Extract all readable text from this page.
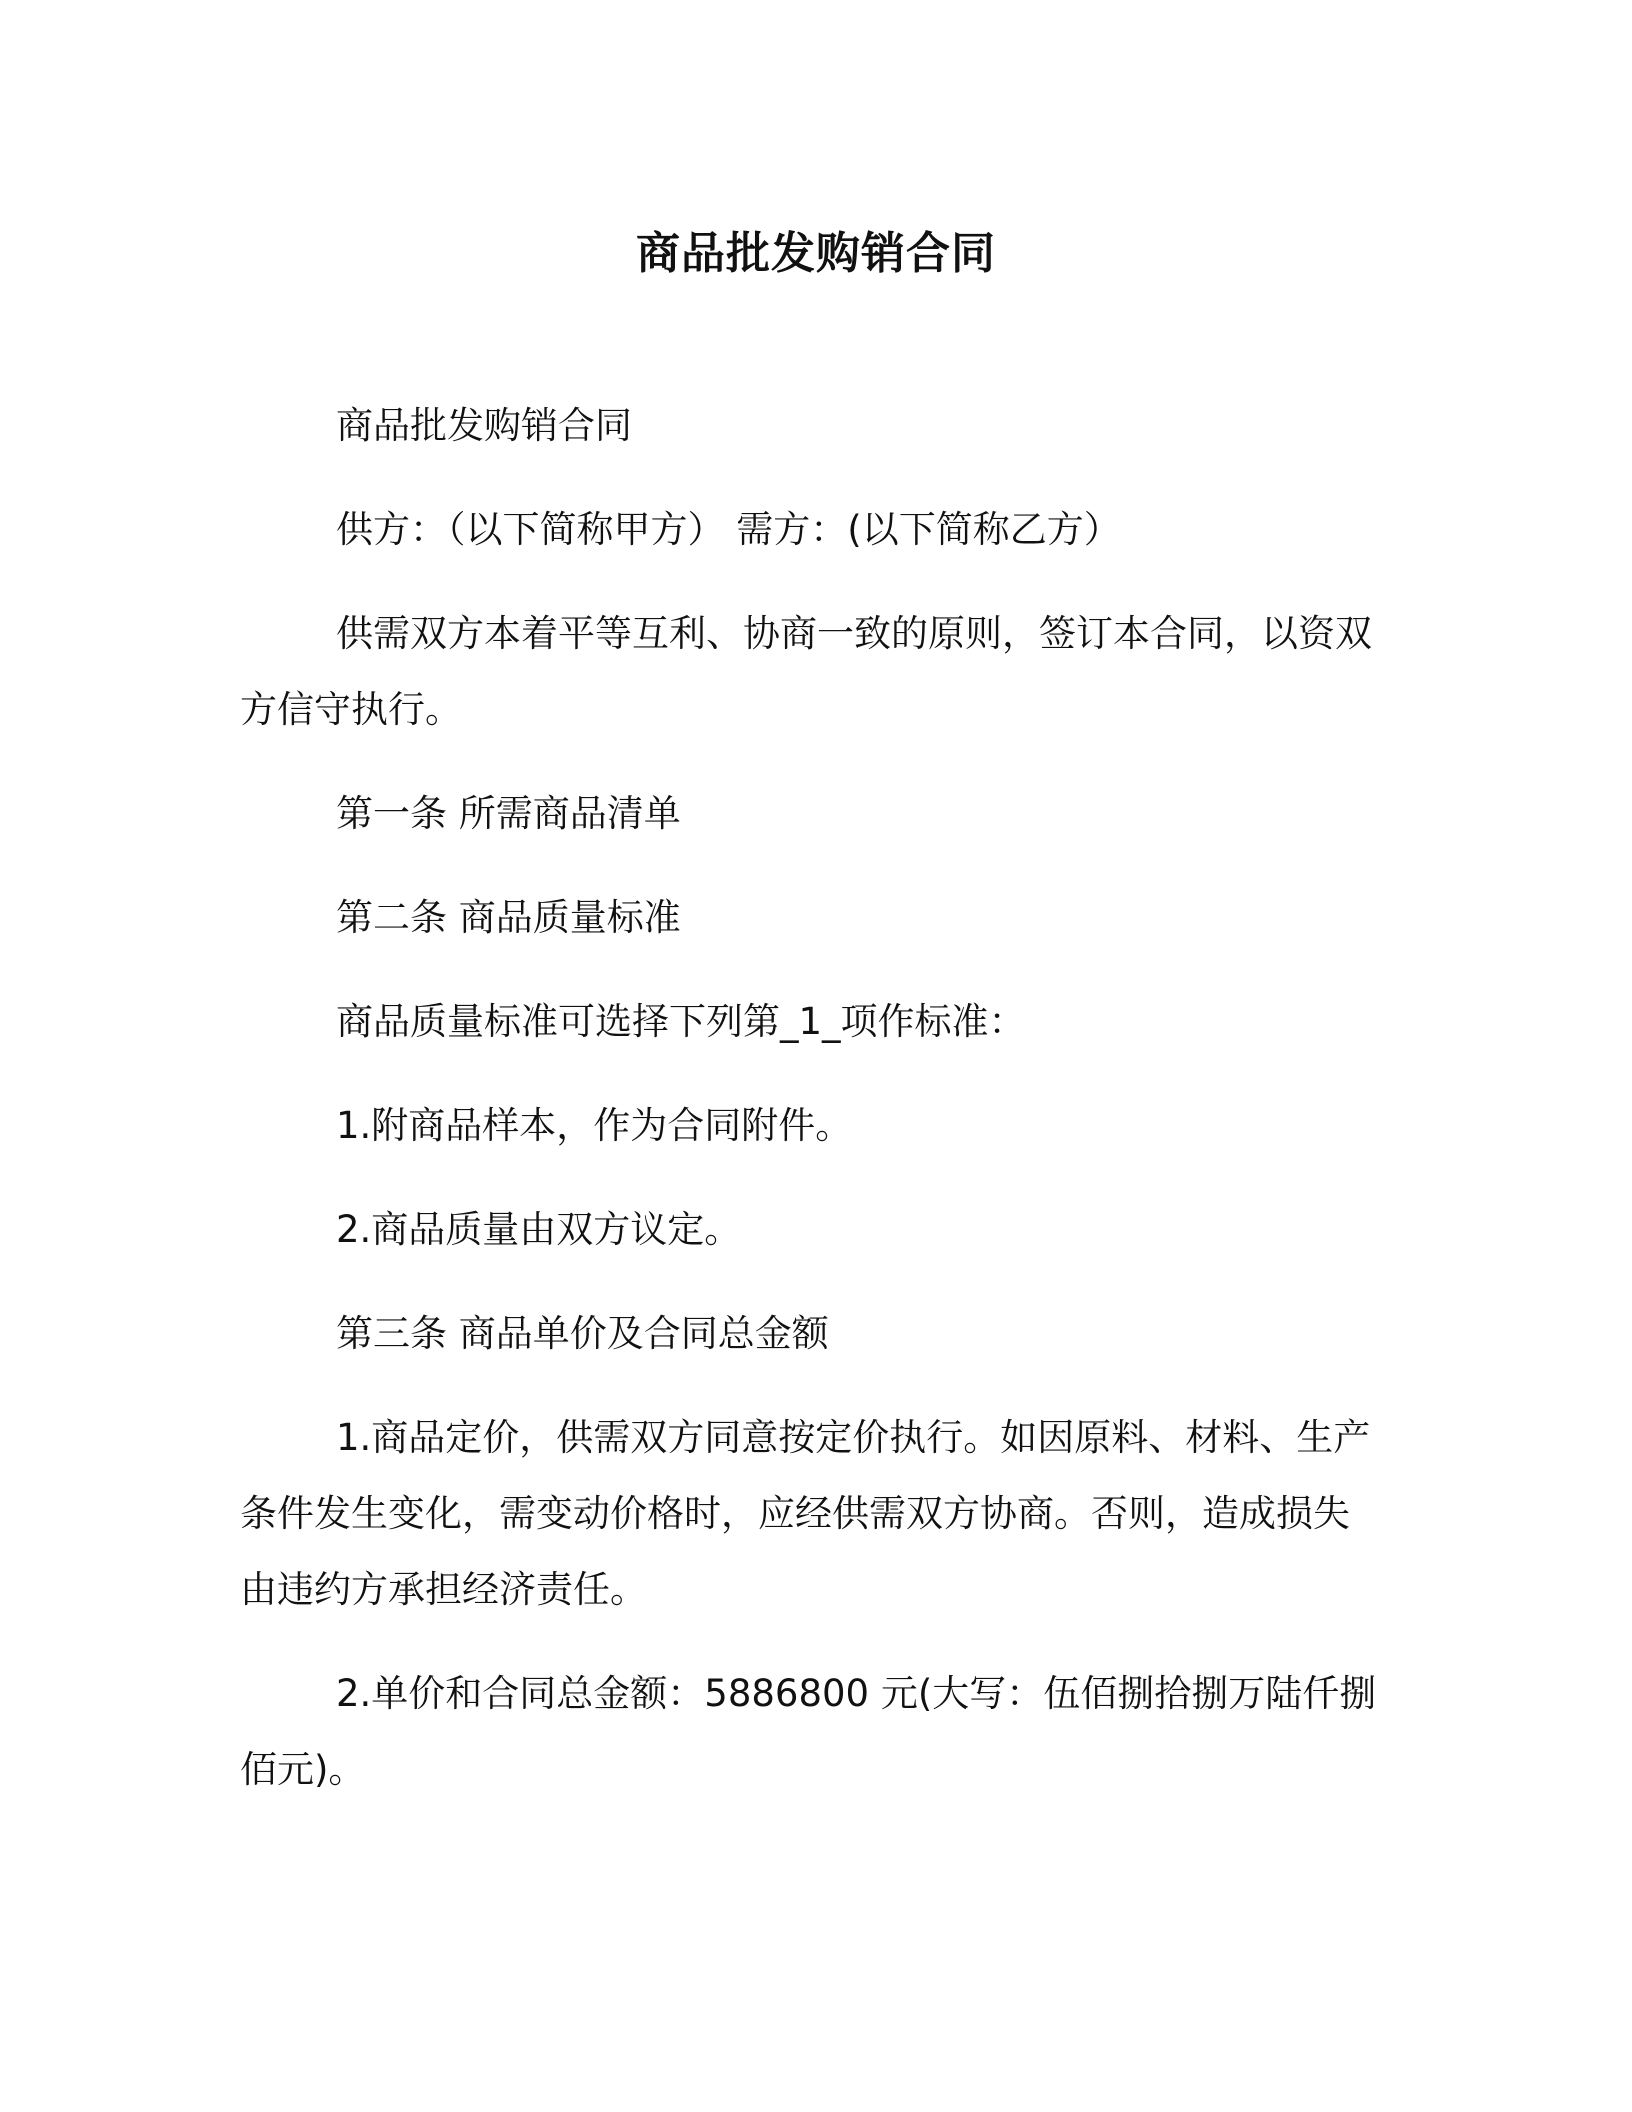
商品批发购销合同

商品批发购销合同

供方：（以下简称甲方） 需方：(以下简称乙方）

供需双方本着平等互利、协商一致的原则，签订本合同，以资双方信守执行。

第一条 所需商品清单

第二条 商品质量标准

商品质量标准可选择下列第_1_项作标准：

1.附商品样本，作为合同附件。

2.商品质量由双方议定。

第三条 商品单价及合同总金额

1.商品定价，供需双方同意按定价执行。如因原料、材料、生产条件发生变化，需变动价格时，应经供需双方协商。否则，造成损失由违约方承担经济责任。

2.单价和合同总金额：5886800 元(大写：伍佰捌拾捌万陆仟捌佰元)。
